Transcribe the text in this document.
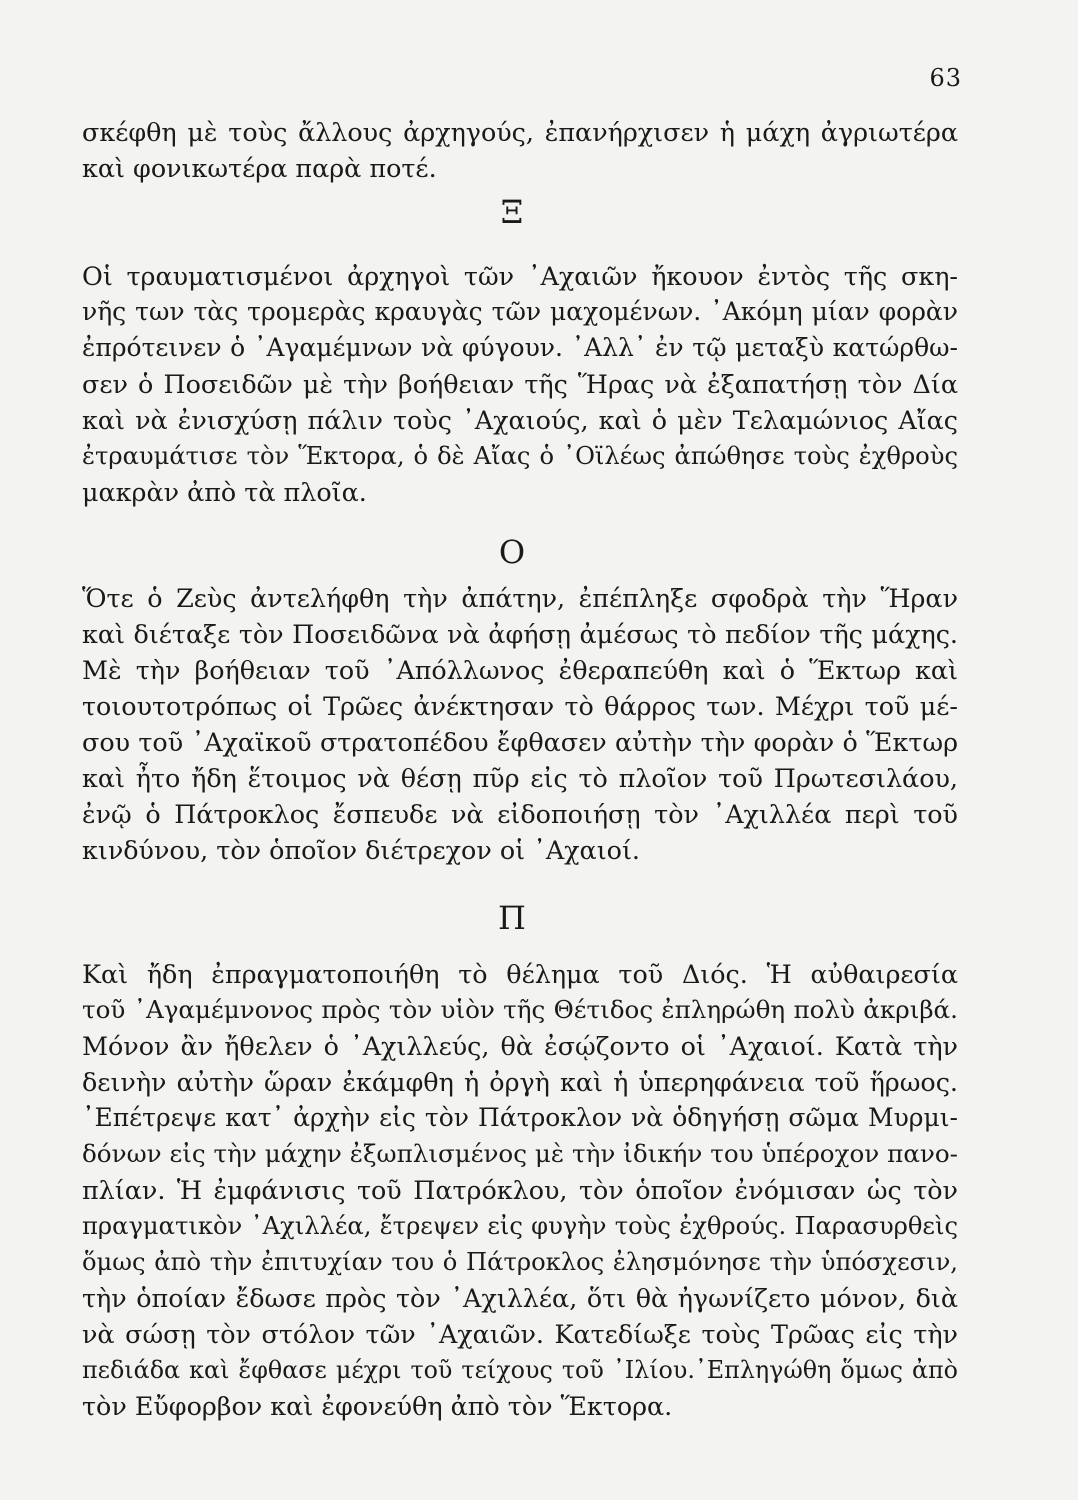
63
σκέφθη μὲ τοὺς ἄλλους ἀρχηγούς, ἐπανήρχισεν ἡ μάχη ἀγριωτέρα
καὶ φονικωτέρα παρὰ ποτέ.
Ξ
Οἱ τραυματισμένοι ἀρχηγοὶ τῶν ᾽Αχαιῶν ἤκουον ἐντὸς τῆς σκη-
νῆς των τὰς τρομερὰς κραυγὰς τῶν μαχομένων. ᾽Ακόμη μίαν φορὰν
ἐπρότεινεν ὁ ᾽Αγαμέμνων νὰ φύγουν. ᾽Αλλ᾽ ἐν τῷ μεταξὺ κατώρθω-
σεν ὁ Ποσειδῶν μὲ τὴν βοήθειαν τῆς Ἥρας νὰ ἐξαπατήσῃ τὸν Δία
καὶ νὰ ἐνισχύσῃ πάλιν τοὺς ᾽Αχαιούς, καὶ ὁ μὲν Τελαμώνιος Αἴας
ἐτραυμάτισε τὸν Ἕκτορα, ὁ δὲ Αἴας ὁ ᾽Οϊλέως ἀπώθησε τοὺς ἐχθροὺς
μακρὰν ἀπὸ τὰ πλοῖα.
Ο
Ὅτε ὁ Ζεὺς ἀντελήφθη τὴν ἀπάτην, ἐπέπληξε σφοδρὰ τὴν Ἥραν
καὶ διέταξε τὸν Ποσειδῶνα νὰ ἀφήσῃ ἀμέσως τὸ πεδίον τῆς μάχης.
Μὲ τὴν βοήθειαν τοῦ ᾽Απόλλωνος ἐθεραπεύθη καὶ ὁ Ἕκτωρ καὶ
τοιουτοτρόπως οἱ Τρῶες ἀνέκτησαν τὸ θάρρος των. Μέχρι τοῦ μέ-
σου τοῦ ᾽Αχαϊκοῦ στρατοπέδου ἔφθασεν αὐτὴν τὴν φορὰν ὁ Ἕκτωρ
καὶ ἦτο ἤδη ἕτοιμος νὰ θέσῃ πῦρ εἰς τὸ πλοῖον τοῦ Πρωτεσιλάου,
ἐνῷ ὁ Πάτροκλος ἔσπευδε νὰ εἰδοποιήσῃ τὸν ᾽Αχιλλέα περὶ τοῦ
κινδύνου, τὸν ὁποῖον διέτρεχον οἱ ᾽Αχαιοί.
Π
Καὶ ἤδη ἐπραγματοποιήθη τὸ θέλημα τοῦ Διός. Ἡ αὐθαιρεσία
τοῦ ᾽Αγαμέμνονος πρὸς τὸν υἱὸν τῆς Θέτιδος ἐπληρώθη πολὺ ἀκριβά.
Μόνον ἂν ἤθελεν ὁ ᾽Αχιλλεύς, θὰ ἐσῴζοντο οἱ ᾽Αχαιοί. Κατὰ τὴν
δεινὴν αὐτὴν ὥραν ἐκάμφθη ἡ ὀργὴ καὶ ἡ ὑπερηφάνεια τοῦ ἥρωος.
᾽Επέτρεψε κατ᾽ ἀρχὴν εἰς τὸν Πάτροκλον νὰ ὁδηγήσῃ σῶμα Μυρμι-
δόνων εἰς τὴν μάχην ἐξωπλισμένος μὲ τὴν ἰδικήν του ὑπέροχον πανο-
πλίαν. Ἡ ἐμφάνισις τοῦ Πατρόκλου, τὸν ὁποῖον ἐνόμισαν ὡς τὸν
πραγματικὸν ᾽Αχιλλέα, ἔτρεψεν εἰς φυγὴν τοὺς ἐχθρούς. Παρασυρθεὶς
ὅμως ἀπὸ τὴν ἐπιτυχίαν του ὁ Πάτροκλος ἐλησμόνησε τὴν ὑπόσχεσιν,
τὴν ὁποίαν ἔδωσε πρὸς τὸν ᾽Αχιλλέα, ὅτι θὰ ἠγωνίζετο μόνον, διὰ
νὰ σώσῃ τὸν στόλον τῶν ᾽Αχαιῶν. Κατεδίωξε τοὺς Τρῶας εἰς τὴν
πεδιάδα καὶ ἔφθασε μέχρι τοῦ τείχους τοῦ ᾽Ιλίου.᾽Επληγώθη ὅμως ἀπὸ
τὸν Εὔφορβον καὶ ἐφονεύθη ἀπὸ τὸν Ἕκτορα.
